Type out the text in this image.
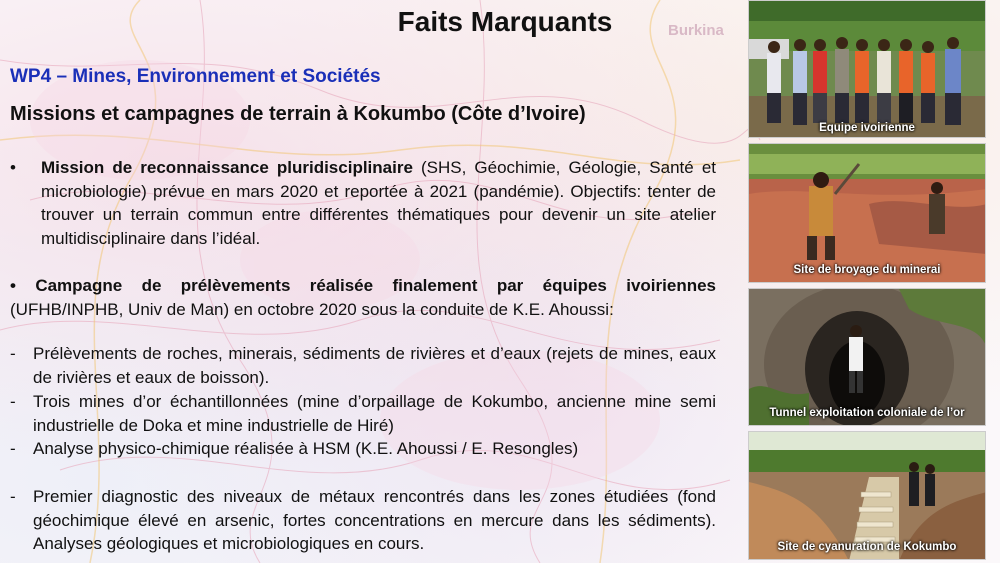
Burkina
Faits Marquants
WP4 – Mines, Environnement et Sociétés
Missions et campagnes de terrain à Kokumbo (Côte d’Ivoire)
•	Mission de reconnaissance pluridisciplinaire (SHS, Géochimie, Géologie, Santé et microbiologie) prévue en mars 2020 et reportée à 2021 (pandémie). Objectifs: tenter de trouver un terrain commun entre différentes thématiques pour devenir un site atelier multidisciplinaire dans l’idéal.
• Campagne de prélèvements réalisée finalement par équipes ivoiriennes (UFHB/INPHB, Univ de Man) en octobre 2020 sous la conduite de K.E. Ahoussi:
- Prélèvements de roches, minerais, sédiments de rivières et d’eaux (rejets de mines, eaux de rivières et eaux de boisson).
- Trois mines d’or échantillonnées (mine d’orpaillage de Kokumbo, ancienne mine semi industrielle de Doka et mine industrielle de Hiré)
- Analyse physico-chimique réalisée à HSM (K.E. Ahoussi / E. Resongles)
- Premier diagnostic des niveaux de métaux rencontrés dans les zones étudiées (fond géochimique élevé en arsenic, fortes concentrations en mercure dans les sédiments). Analyses géologiques et microbiologiques en cours.
Equipe ivoirienne
Site de broyage du minerai
Tunnel exploitation coloniale de l’or
Site de cyanuration de Kokumbo
